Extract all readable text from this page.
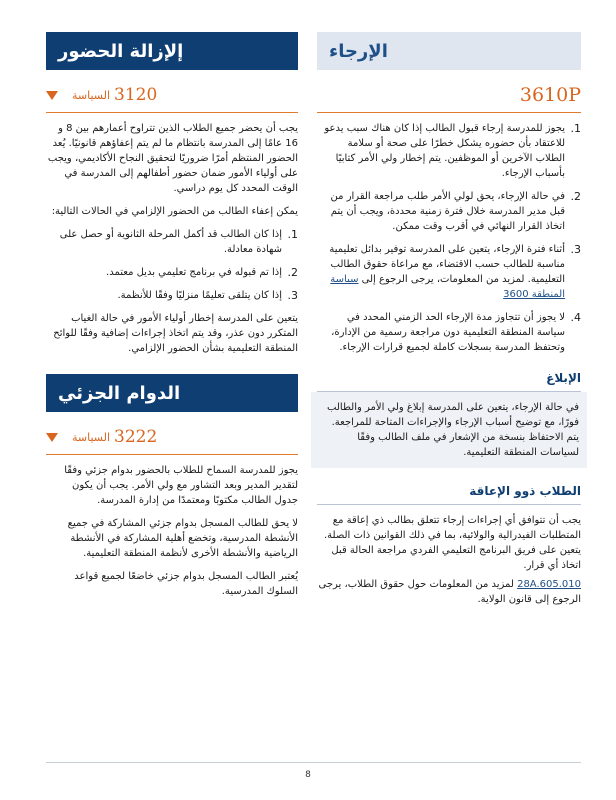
إلإزالة الحضور
3120
السياسة

يجب أن يحضر جميع الطلاب الذين تتراوح أعمارهم بين 8 و 16 عامًا إلى المدرسة بانتظام ما لم يتم إعفاؤهم قانونيًا. يُعد الحضور المنتظم أمرًا ضروريًا لتحقيق النجاح الأكاديمي، ويجب على أولياء الأمور ضمان حضور أطفالهم إلى المدرسة في الوقت المحدد كل يوم دراسي.

يمكن إعفاء الطالب من الحضور الإلزامي في الحالات التالية:

1.
إذا كان الطالب قد أكمل المرحلة الثانوية أو حصل على شهادة معادلة.
2.
إذا تم قبوله في برنامج تعليمي بديل معتمد.
3.
إذا كان يتلقى تعليمًا منزليًا وفقًا للأنظمة.

يتعين على المدرسة إخطار أولياء الأمور في حالة الغياب المتكرر دون عذر، وقد يتم اتخاذ إجراءات إضافية وفقًا للوائح المنطقة التعليمية بشأن الحضور الإلزامي.

الدوام الجزئي
3222
السياسة

يجوز للمدرسة السماح للطلاب بالحضور بدوام جزئي وفقًا لتقدير المدير وبعد التشاور مع ولي الأمر. يجب أن يكون جدول الطالب مكتوبًا ومعتمدًا من إدارة المدرسة.

لا يحق للطالب المسجل بدوام جزئي المشاركة في جميع الأنشطة المدرسية، وتخضع أهلية المشاركة في الأنشطة الرياضية والأنشطة الأخرى لأنظمة المنطقة التعليمية.

يُعتبر الطالب المسجل بدوام جزئي خاضعًا لجميع قواعد السلوك المدرسية.

الإرجاء
3610P
1.
يجوز للمدرسة إرجاء قبول الطالب إذا كان هناك سبب يدعو للاعتقاد بأن حضوره يشكل خطرًا على صحة أو سلامة الطلاب الآخرين أو الموظفين. يتم إخطار ولي الأمر كتابيًا بأسباب الإرجاء.
2.
في حالة الإرجاء، يحق لولي الأمر طلب مراجعة القرار من قبل مدير المدرسة خلال فترة زمنية محددة، ويجب أن يتم اتخاذ القرار النهائي في أقرب وقت ممكن.
3.
أثناء فترة الإرجاء، يتعين على المدرسة توفير بدائل تعليمية مناسبة للطالب حسب الاقتضاء، مع مراعاة حقوق الطالب التعليمية. لمزيد من المعلومات، يرجى الرجوع إلى سياسة المنطقة 3600
4.
لا يجوز أن تتجاوز مدة الإرجاء الحد الزمني المحدد في سياسة المنطقة التعليمية دون مراجعة رسمية من الإدارة، وتحتفظ المدرسة بسجلات كاملة لجميع قرارات الإرجاء.
الإبلاغ

في حالة الإرجاء، يتعين على المدرسة إبلاغ ولي الأمر والطالب فورًا، مع توضيح أسباب الإرجاء والإجراءات المتاحة للمراجعة. يتم الاحتفاظ بنسخة من الإشعار في ملف الطالب وفقًا لسياسات المنطقة التعليمية.

الطلاب ذوو الإعاقة

يجب أن تتوافق أي إجراءات إرجاء تتعلق بطالب ذي إعاقة مع المتطلبات الفيدرالية والولائية، بما في ذلك القوانين ذات الصلة. يتعين على فريق البرنامج التعليمي الفردي مراجعة الحالة قبل اتخاذ أي قرار.

28A.605.010 لمزيد من المعلومات حول حقوق الطلاب، يرجى الرجوع إلى قانون الولاية.

8
